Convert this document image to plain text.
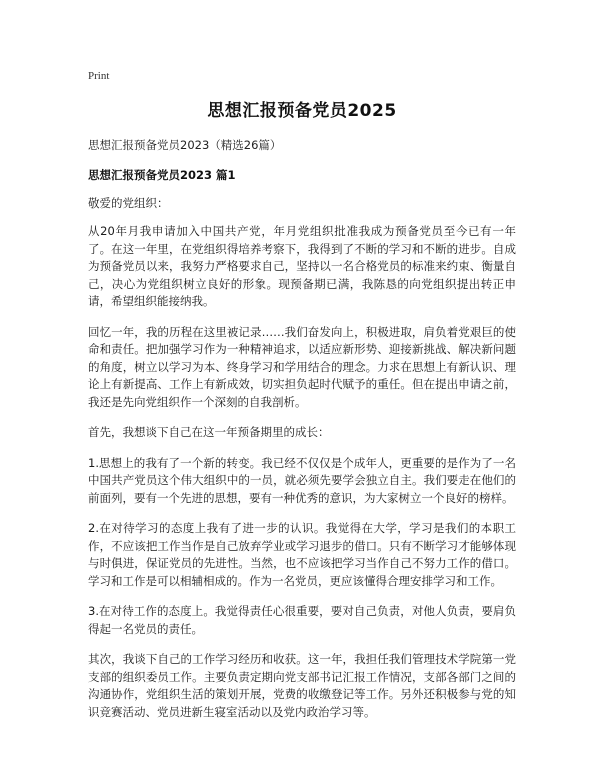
Print
思想汇报预备党员2025
思想汇报预备党员2023（精选26篇）
思想汇报预备党员2023 篇1
敬爱的党组织：

从20年月我申请加入中国共产党，年月党组织批准我成为预备党员至今已有一年了。在这一年里，在党组织得培养考察下，我得到了不断的学习和不断的进步。自成为预备党员以来，我努力严格要求自己，坚持以一名合格党员的标准来约束、衡量自己，决心为党组织树立良好的形象。现预备期已满，我陈恳的向党组织提出转正申请，希望组织能接纳我。

回忆一年，我的历程在这里被记录……我们奋发向上，积极进取，肩负着党艰巨的使命和责任。把加强学习作为一种精神追求，以适应新形势、迎接新挑战、解决新问题的角度，树立以学习为本、终身学习和学用结合的理念。力求在思想上有新认识、理论上有新提高、工作上有新成效，切实担负起时代赋予的重任。但在提出申请之前，我还是先向党组织作一个深刻的自我剖析。

首先，我想谈下自己在这一年预备期里的成长：

1.思想上的我有了一个新的转变。我已经不仅仅是个成年人，更重要的是作为了一名中国共产党员这个伟大组织中的一员，就必须先要学会独立自主。我们要走在他们的前面列，要有一个先进的思想，要有一种优秀的意识，为大家树立一个良好的榜样。

2.在对待学习的态度上我有了进一步的认识。我觉得在大学，学习是我们的本职工作，不应该把工作当作是自己放弃学业或学习退步的借口。只有不断学习才能够体现与时俱进，保证党员的先进性。当然，也不应该把学习当作自己不努力工作的借口。学习和工作是可以相辅相成的。作为一名党员，更应该懂得合理安排学习和工作。

3.在对待工作的态度上。我觉得责任心很重要，要对自己负责，对他人负责，要肩负得起一名党员的责任。

其次，我谈下自己的工作学习经历和收获。这一年，我担任我们管理技术学院第一党支部的组织委员工作。主要负责定期向党支部书记汇报工作情况，支部各部门之间的沟通协作，党组织生活的策划开展，党费的收缴登记等工作。另外还积极参与党的知识竞赛活动、党员进新生寝室活动以及党内政治学习等。
